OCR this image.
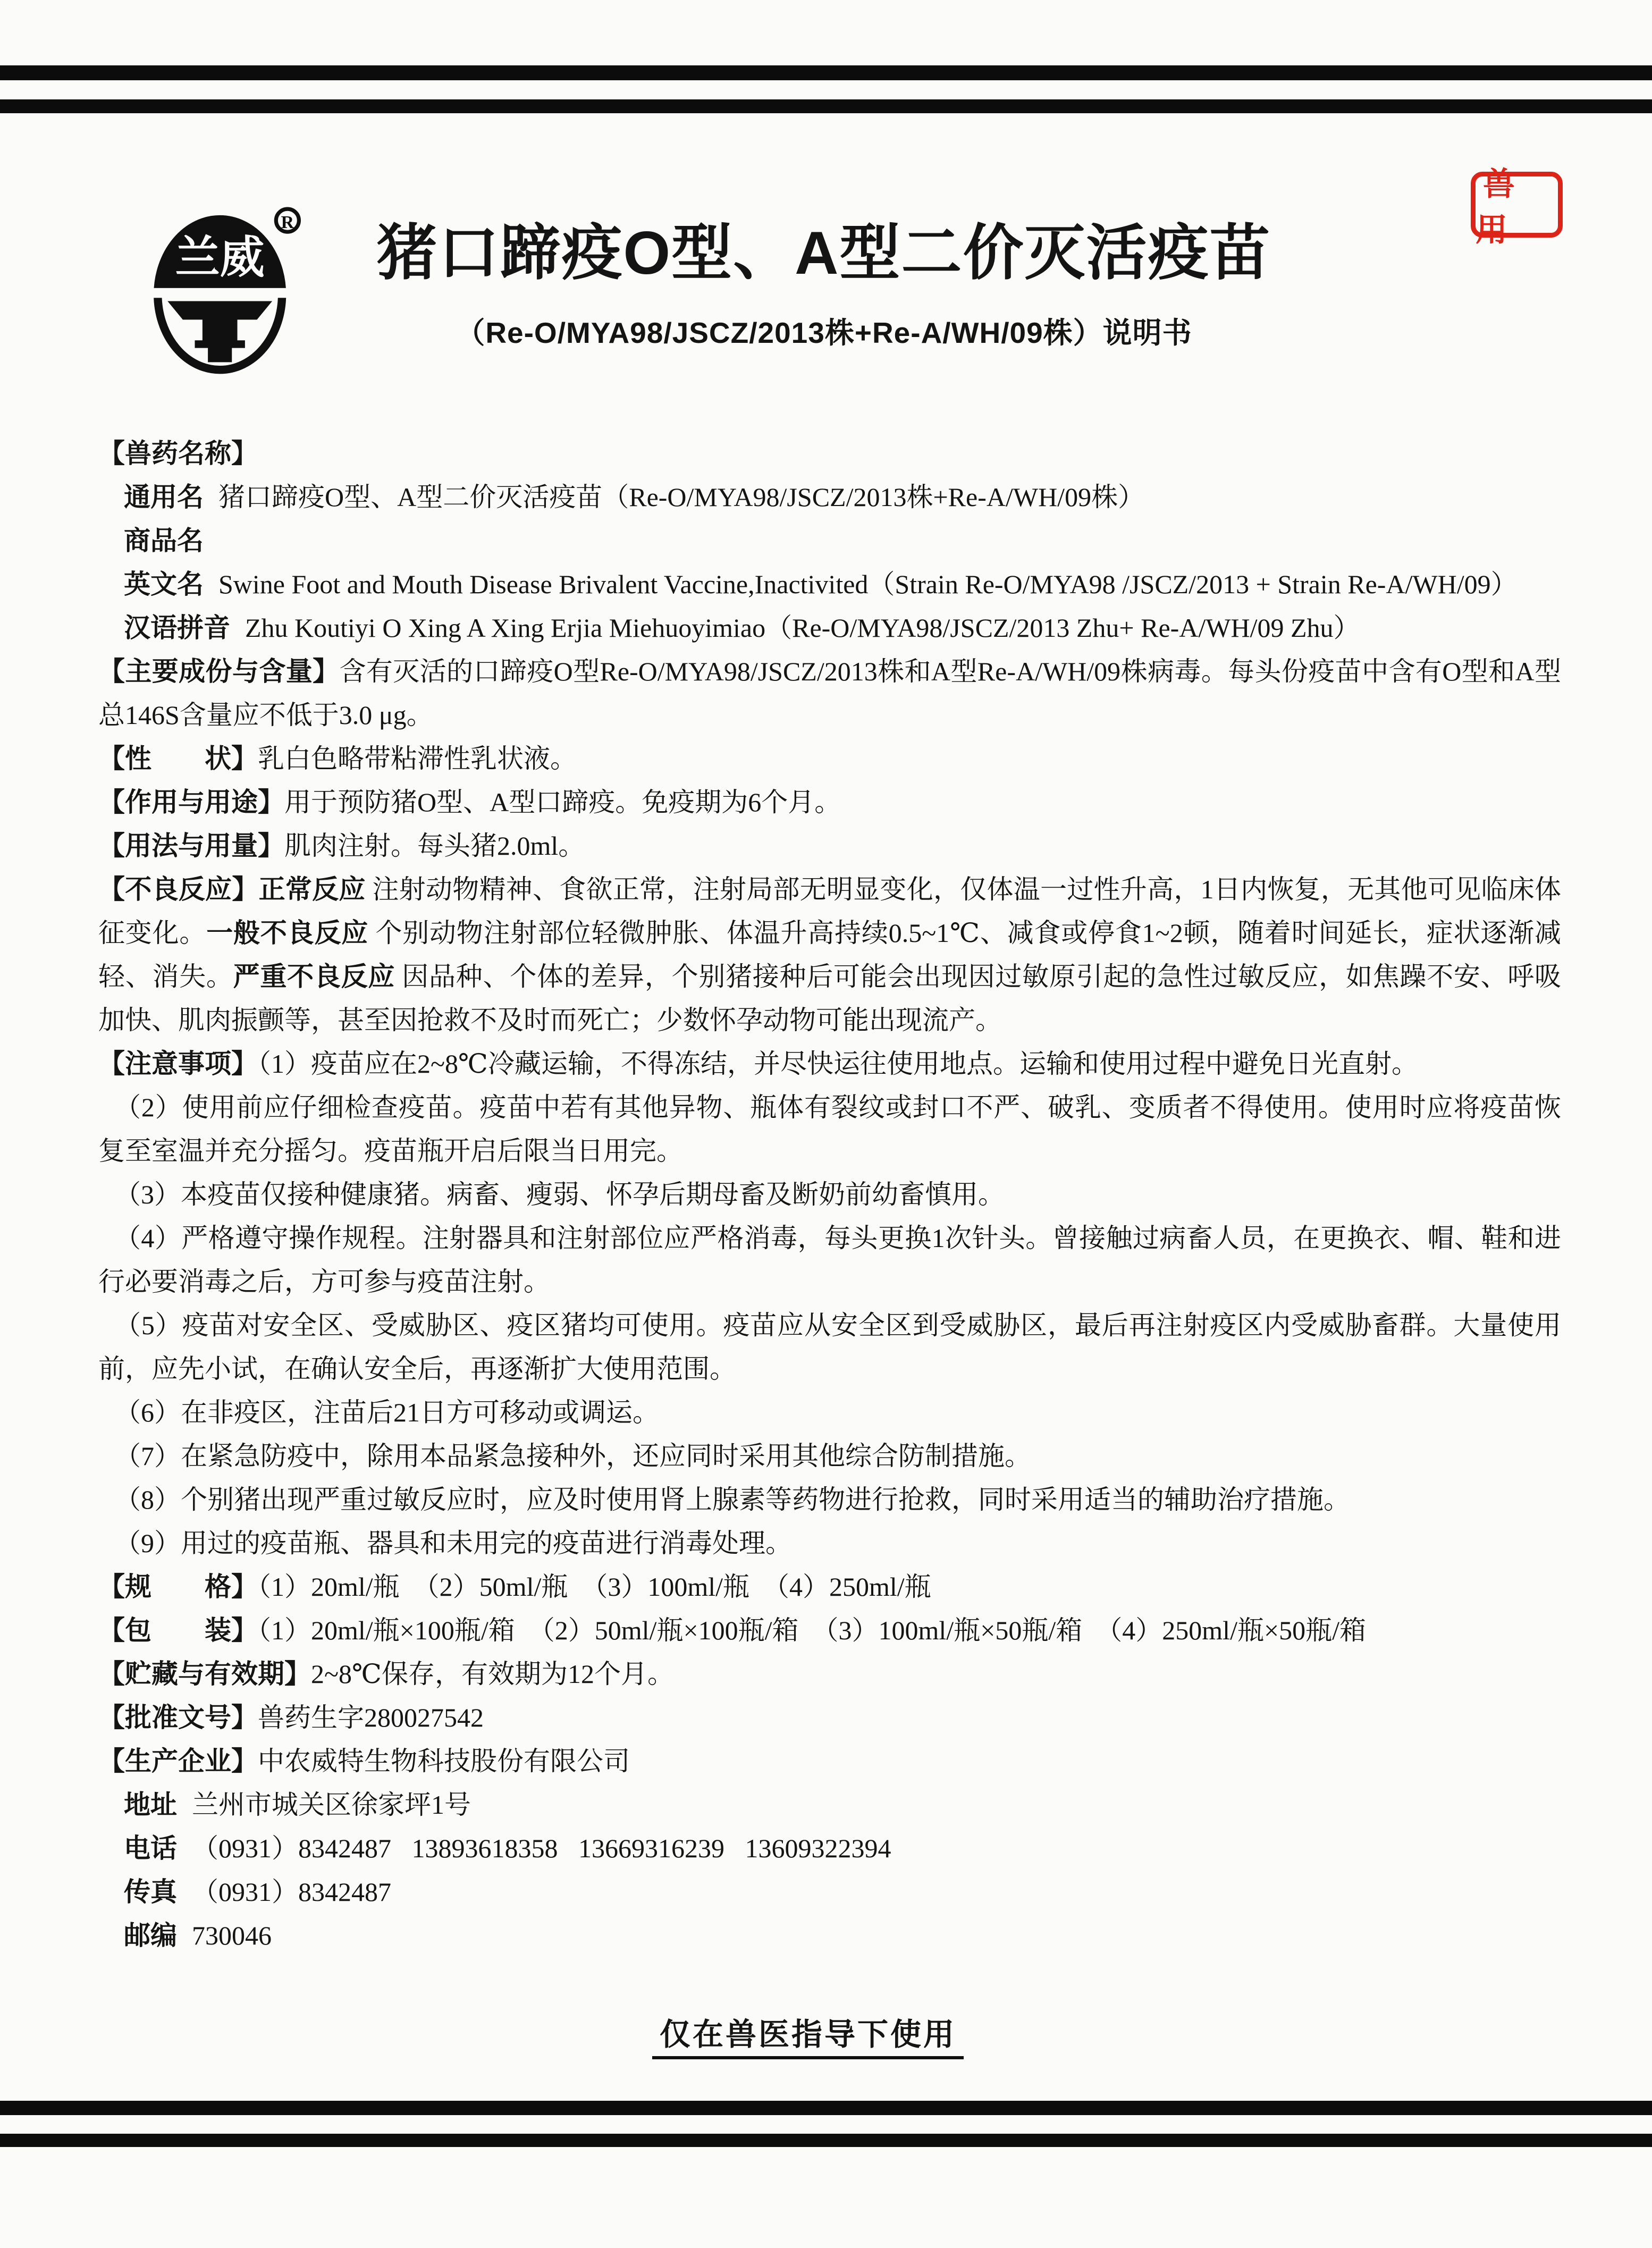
兰威
R	猪口蹄疫O型、A型二价灭活疫苗
（Re-O/MYA98/JSCZ/2013株+Re-A/WH/09株）说明书
兽用

【兽药名称】

通用名 猪口蹄疫O型、A型二价灭活疫苗（Re-O/MYA98/JSCZ/2013株+Re-A/WH/09株）

商品名

英文名 Swine Foot and Mouth Disease Brivalent Vaccine,Inactivited（Strain Re-O/MYA98 /JSCZ/2013 + Strain Re-A/WH/09）

汉语拼音 Zhu Koutiyi O Xing A Xing Erjia Miehuoyimiao（Re-O/MYA98/JSCZ/2013 Zhu+ Re-A/WH/09 Zhu）

【主要成份与含量】含有灭活的口蹄疫O型Re-O/MYA98/JSCZ/2013株和A型Re-A/WH/09株病毒。每头份疫苗中含有O型和A型总146S含量应不低于3.0 μg。

【性　　状】乳白色略带粘滞性乳状液。

【作用与用途】用于预防猪O型、A型口蹄疫。免疫期为6个月。

【用法与用量】肌肉注射。每头猪2.0ml。

【不良反应】正常反应 注射动物精神、食欲正常，注射局部无明显变化，仅体温一过性升高，1日内恢复，无其他可见临床体征变化。一般不良反应 个别动物注射部位轻微肿胀、体温升高持续0.5~1℃、减食或停食1~2顿，随着时间延长，症状逐渐减轻、消失。严重不良反应 因品种、个体的差异，个别猪接种后可能会出现因过敏原引起的急性过敏反应，如焦躁不安、呼吸加快、肌肉振颤等，甚至因抢救不及时而死亡；少数怀孕动物可能出现流产。

【注意事项】（1）疫苗应在2~8℃冷藏运输，不得冻结，并尽快运往使用地点。运输和使用过程中避免日光直射。

（2）使用前应仔细检查疫苗。疫苗中若有其他异物、瓶体有裂纹或封口不严、破乳、变质者不得使用。使用时应将疫苗恢复至室温并充分摇匀。疫苗瓶开启后限当日用完。

（3）本疫苗仅接种健康猪。病畜、瘦弱、怀孕后期母畜及断奶前幼畜慎用。

（4）严格遵守操作规程。注射器具和注射部位应严格消毒，每头更换1次针头。曾接触过病畜人员，在更换衣、帽、鞋和进行必要消毒之后，方可参与疫苗注射。

（5）疫苗对安全区、受威胁区、疫区猪均可使用。疫苗应从安全区到受威胁区，最后再注射疫区内受威胁畜群。大量使用前，应先小试，在确认安全后，再逐渐扩大使用范围。

（6）在非疫区，注苗后21日方可移动或调运。

（7）在紧急防疫中，除用本品紧急接种外，还应同时采用其他综合防制措施。

（8）个别猪出现严重过敏反应时，应及时使用肾上腺素等药物进行抢救，同时采用适当的辅助治疗措施。

（9）用过的疫苗瓶、器具和未用完的疫苗进行消毒处理。

【规　　格】（1）20ml/瓶　（2）50ml/瓶　（3）100ml/瓶　（4）250ml/瓶

【包　　装】（1）20ml/瓶×100瓶/箱　（2）50ml/瓶×100瓶/箱　（3）100ml/瓶×50瓶/箱　（4）250ml/瓶×50瓶/箱

【贮藏与有效期】2~8℃保存，有效期为12个月。

【批准文号】兽药生字280027542

【生产企业】中农威特生物科技股份有限公司

地址 兰州市城关区徐家坪1号

电话 （0931）8342487 13893618358 13669316239 13609322394

传真 （0931）8342487

邮编 730046

仅在兽医指导下使用
